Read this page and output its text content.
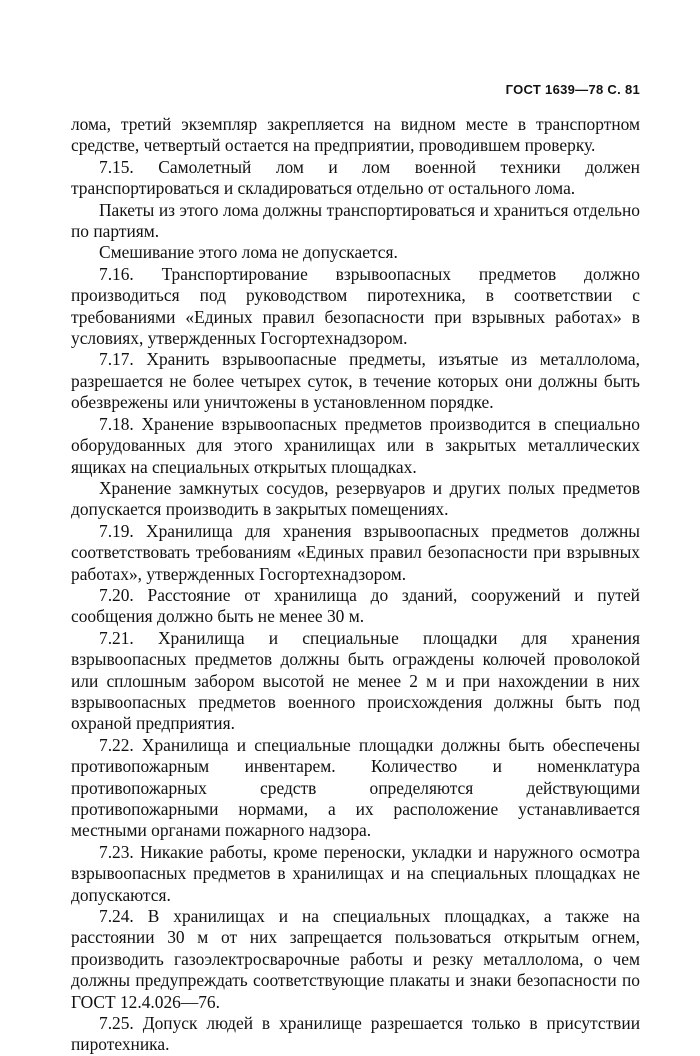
ГОСТ 1639—78 С. 81

лома, третий экземпляр закрепляется на видном месте в транспортном средстве, четвертый остается на предприятии, проводившем проверку.

7.15. Самолетный лом и лом военной техники должен транспортироваться и складироваться отдельно от остального лома.

Пакеты из этого лома должны транспортироваться и храниться отдельно по партиям.

Смешивание этого лома не допускается.

7.16. Транспортирование взрывоопасных предметов должно производиться под руководством пиротехника, в соответствии с требованиями «Единых правил безопасности при взрывных работах» в условиях, утвержденных Госгортехнадзором.

7.17. Хранить взрывоопасные предметы, изъятые из металлолома, разрешается не более четырех суток, в течение которых они должны быть обезврежены или уничтожены в установленном порядке.

7.18. Хранение взрывоопасных предметов производится в специально оборудованных для этого хранилищах или в закрытых металлических ящиках на специальных открытых площадках.

Хранение замкнутых сосудов, резервуаров и других полых предметов допускается производить в закрытых помещениях.

7.19. Хранилища для хранения взрывоопасных предметов должны соответствовать требованиям «Единых правил безопасности при взрывных работах», утвержденных Госгортехнадзором.

7.20. Расстояние от хранилища до зданий, сооружений и путей сообщения должно быть не менее 30 м.

7.21. Хранилища и специальные площадки для хранения взрывоопасных предметов должны быть ограждены колючей проволокой или сплошным забором высотой не менее 2 м и при нахождении в них взрывоопасных предметов военного происхождения должны быть под охраной предприятия.

7.22. Хранилища и специальные площадки должны быть обеспечены противопожарным инвентарем. Количество и номенклатура противопожарных средств определяются действующими противопожарными нормами, а их расположение устанавливается местными органами пожарного надзора.

7.23. Никакие работы, кроме переноски, укладки и наружного осмотра взрывоопасных предметов в хранилищах и на специальных площадках не допускаются.

7.24. В хранилищах и на специальных площадках, а также на расстоянии 30 м от них запрещается пользоваться открытым огнем, производить газоэлектросварочные работы и резку металлолома, о чем должны предупреждать соответствующие плакаты и знаки безопасности по ГОСТ 12.4.026—76.

7.25. Допуск людей в хранилище разрешается только в присутствии пиротехника.
